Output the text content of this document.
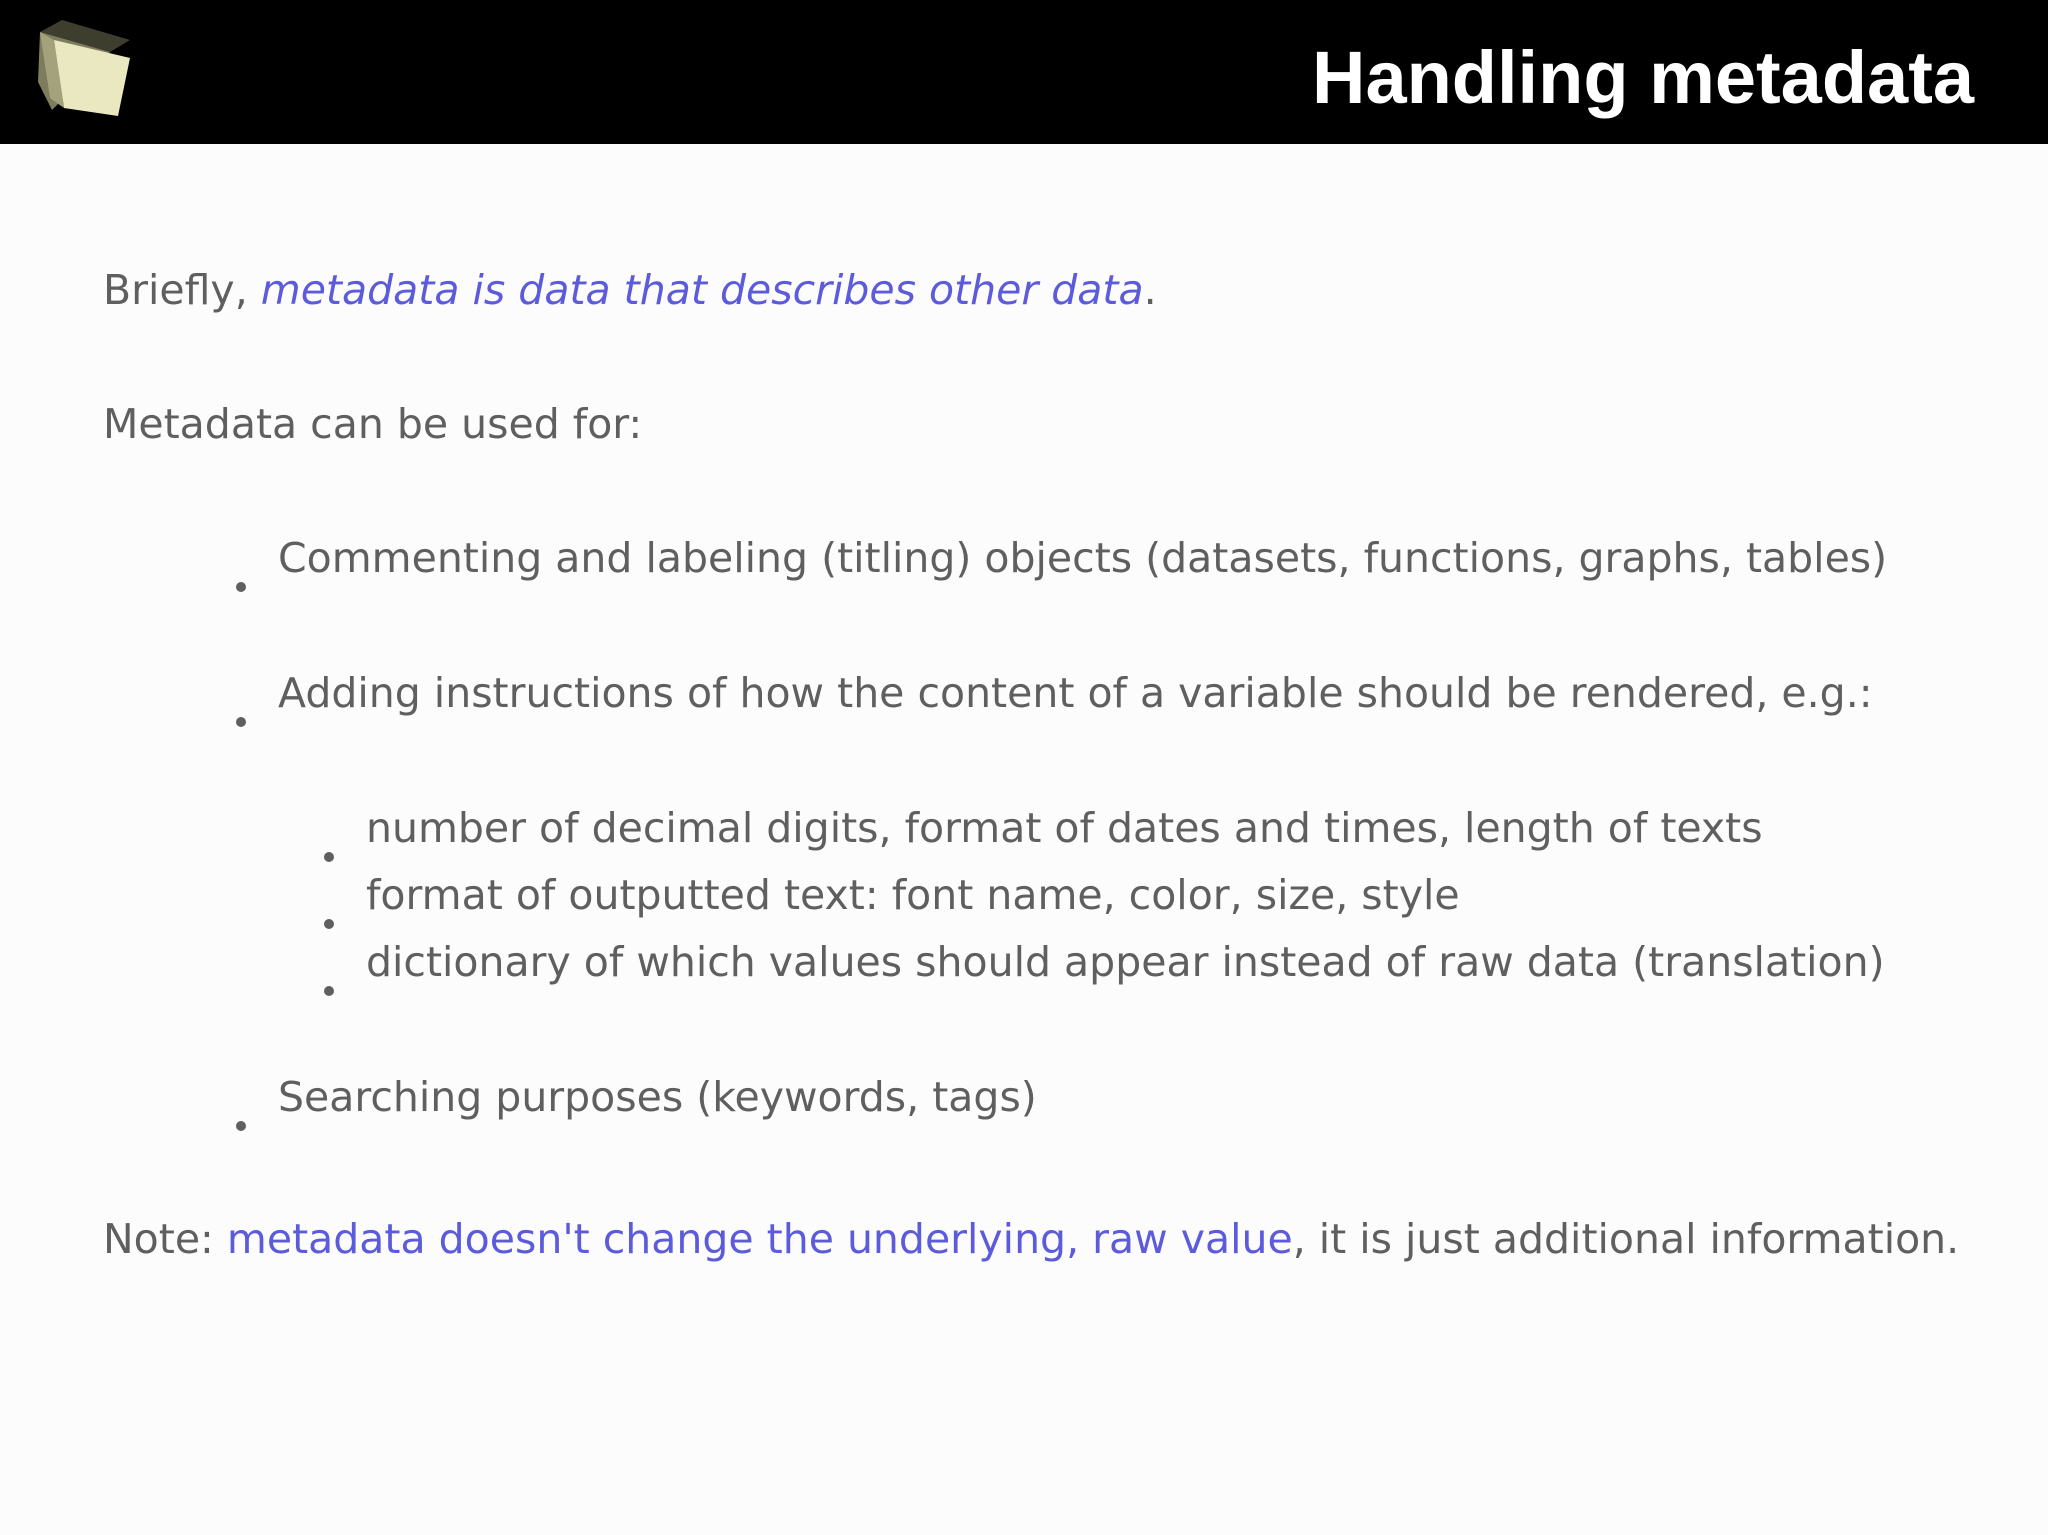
Handling metadata
Briefly, metadata is data that describes other data.
Metadata can be used for:
Commenting and labeling (titling) objects (datasets, functions, graphs, tables)
Adding instructions of how the content of a variable should be rendered, e.g.:
number of decimal digits, format of dates and times, length of texts
format of outputted text: font name, color, size, style
dictionary of which values should appear instead of raw data (translation)
Searching purposes (keywords, tags)
Note: metadata doesn't change the underlying, raw value, it is just additional information.
